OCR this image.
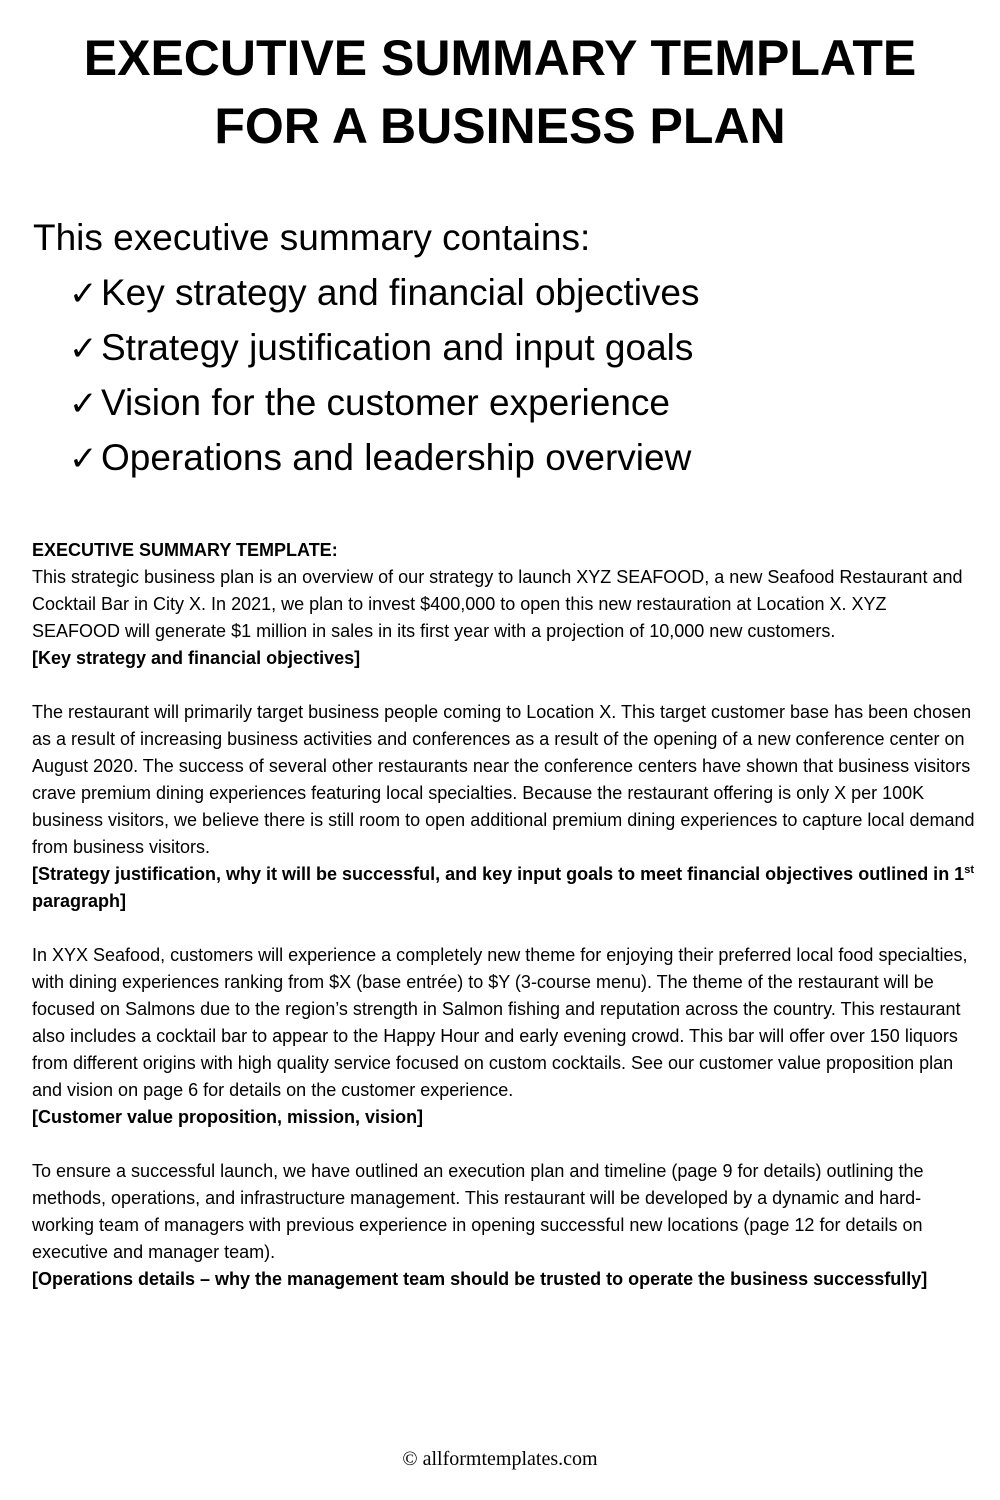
EXECUTIVE SUMMARY TEMPLATE
FOR A BUSINESS PLAN

This executive summary contains:

✓Key strategy and financial objectives
✓Strategy justification and input goals
✓Vision for the customer experience
✓Operations and leadership overview

EXECUTIVE SUMMARY TEMPLATE:

This strategic business plan is an overview of our strategy to launch XYZ SEAFOOD, a new Seafood Restaurant and Cocktail Bar in City X. In 2021, we plan to invest $400,000 to open this new restauration at Location X. XYZ SEAFOOD will generate $1 million in sales in its first year with a projection of 10,000 new customers.

[Key strategy and financial objectives]

The restaurant will primarily target business people coming to Location X. This target customer base has been chosen as a result of increasing business activities and conferences as a result of the opening of a new conference center on August 2020. The success of several other restaurants near the conference centers have shown that business visitors crave premium dining experiences featuring local specialties. Because the restaurant offering is only X per 100K business visitors, we believe there is still room to open additional premium dining experiences to capture local demand from business visitors.

[Strategy justification, why it will be successful, and key input goals to meet financial objectives outlined in 1st paragraph]

In XYX Seafood, customers will experience a completely new theme for enjoying their preferred local food specialties, with dining experiences ranking from $X (base entrée) to $Y (3-course menu). The theme of the restaurant will be focused on Salmons due to the region’s strength in Salmon fishing and reputation across the country. This restaurant also includes a cocktail bar to appear to the Happy Hour and early evening crowd. This bar will offer over 150 liquors from different origins with high quality service focused on custom cocktails. See our customer value proposition plan and vision on page 6 for details on the customer experience.

[Customer value proposition, mission, vision]

To ensure a successful launch, we have outlined an execution plan and timeline (page 9 for details) outlining the methods, operations, and infrastructure management. This restaurant will be developed by a dynamic and hard-working team of managers with previous experience in opening successful new locations (page 12 for details on executive and manager team).

[Operations details – why the management team should be trusted to operate the business successfully]

© allformtemplates.com
